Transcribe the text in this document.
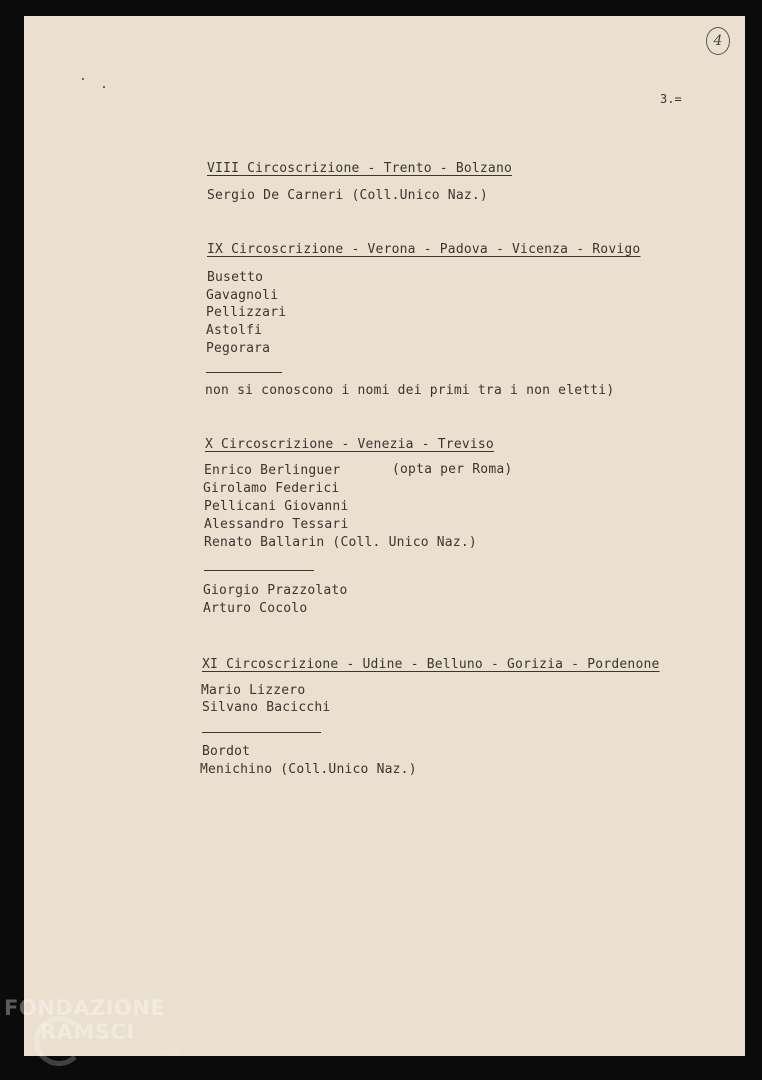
4
3.=
VIII Circoscrizione - Trento - Bolzano
Sergio De Carneri (Coll.Unico Naz.)
IX Circoscrizione - Verona - Padova - Vicenza - Rovigo
Busetto
Gavagnoli
Pellizzari
Astolfi
Pegorara
non si conoscono i nomi dei primi tra i non eletti)
X Circoscrizione - Venezia - Treviso
Enrico Berlinguer	(opta per Roma)
Girolamo Federici
Pellicani Giovanni
Alessandro Tessari
Renato Ballarin (Coll. Unico Naz.)
Giorgio Prazzolato
Arturo Cocolo
XI Circoscrizione - Udine - Belluno - Gorizia - Pordenone
Mario Lizzero
Silvano Bacicchi
Bordot
Menichino (Coll.Unico Naz.)
FONDAZIONE
RAMSCI
onlus
